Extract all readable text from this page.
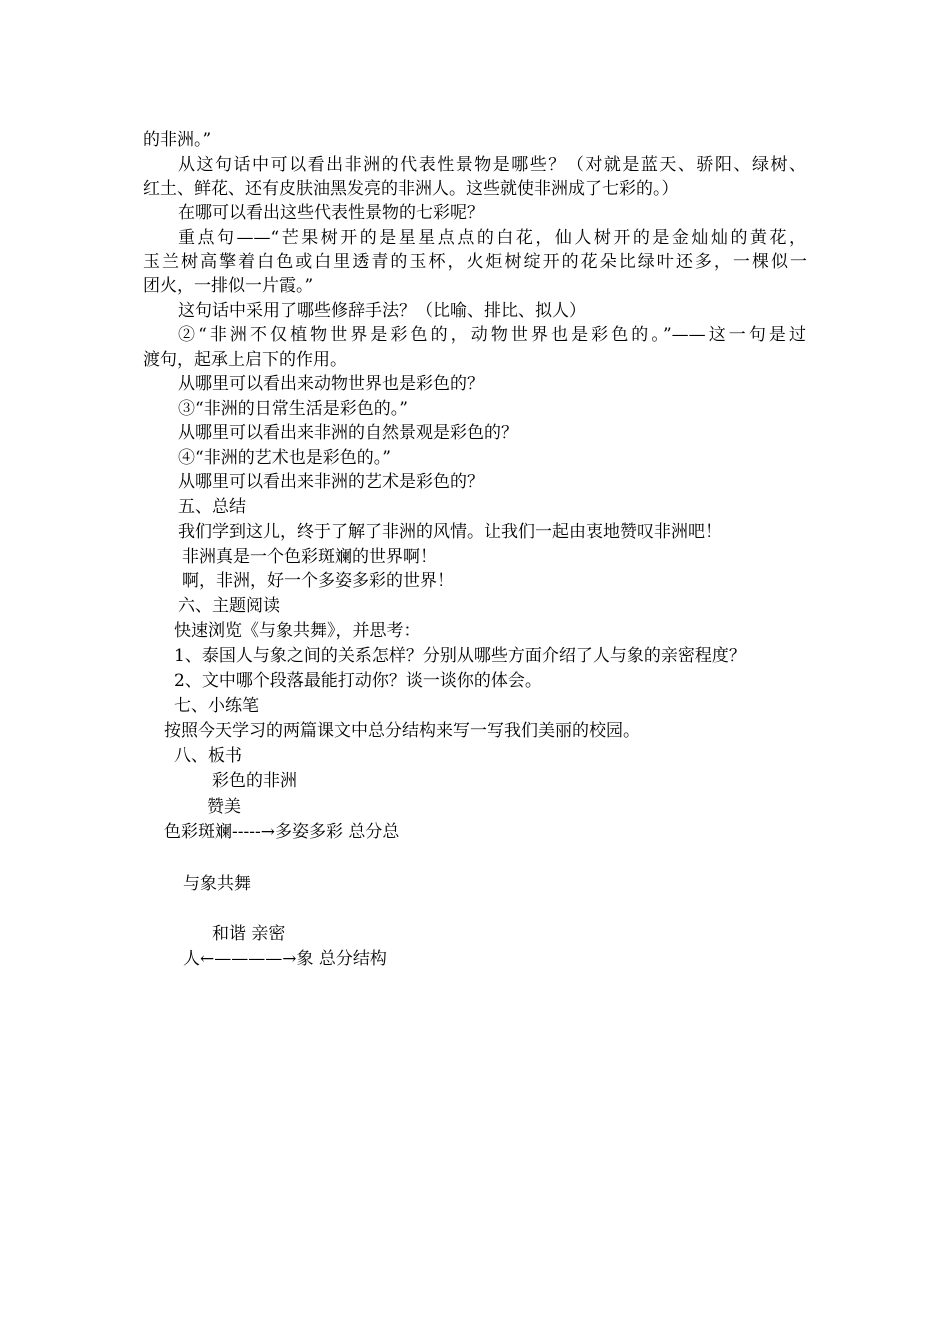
的非洲。”
从这句话中可以看出非洲的代表性景物是哪些？（对就是蓝天、骄阳、绿树、
红土、鲜花、还有皮肤油黑发亮的非洲人。这些就使非洲成了七彩的。）
在哪可以看出这些代表性景物的七彩呢？
重点句——“芒果树开的是星星点点的白花，仙人树开的是金灿灿的黄花，
玉兰树高擎着白色或白里透青的玉杯，火炬树绽开的花朵比绿叶还多，一棵似一
团火，一排似一片霞。”
这句话中采用了哪些修辞手法？（比喻、排比、拟人）
②“非洲不仅植物世界是彩色的，动物世界也是彩色的。”——这一句是过
渡句，起承上启下的作用。
从哪里可以看出来动物世界也是彩色的？
③“非洲的日常生活是彩色的。”
从哪里可以看出来非洲的自然景观是彩色的？
④“非洲的艺术也是彩色的。”
从哪里可以看出来非洲的艺术是彩色的？
五、总结
我们学到这儿，终于了解了非洲的风情。让我们一起由衷地赞叹非洲吧！
非洲真是一个色彩斑斓的世界啊！
啊，非洲，好一个多姿多彩的世界！
六、主题阅读
快速浏览《与象共舞》，并思考：
1、泰国人与象之间的关系怎样？分别从哪些方面介绍了人与象的亲密程度？
2、文中哪个段落最能打动你？谈一谈你的体会。
七、小练笔
按照今天学习的两篇课文中总分结构来写一写我们美丽的校园。
八、板书
彩色的非洲
赞美
色彩斑斓-----→多姿多彩 总分总
与象共舞
和谐 亲密
人←————→象 总分结构
